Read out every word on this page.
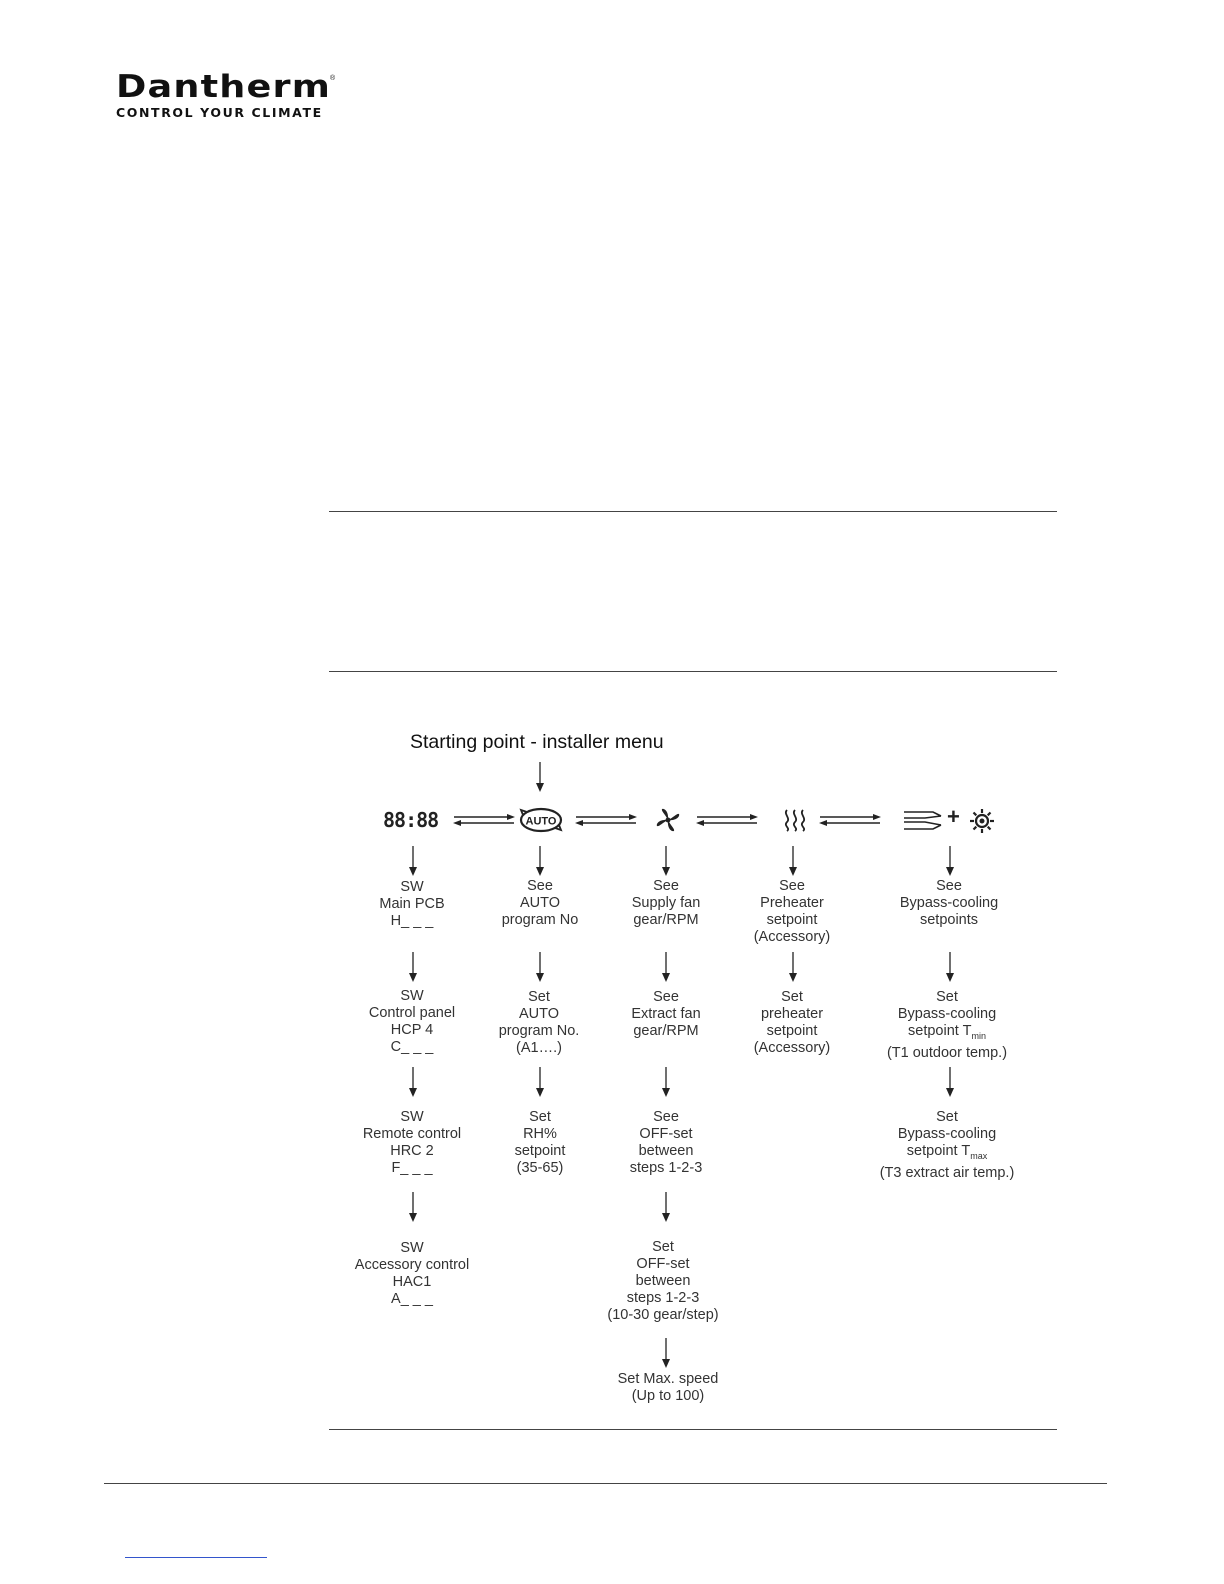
Dantherm
®
CONTROL YOUR CLIMATE
Starting point - installer menu
88:88	AUTO	+
SW
Main PCB
H_ _ _
SW
Control panel
HCP 4
C_ _ _
SW
Remote control
HRC 2
F_ _ _
SW
Accessory control
HAC1
A_ _ _
See
AUTO
program No
Set
AUTO
program No.
(A1….)
Set
RH%
setpoint
(35-65)
See
Supply fan
gear/RPM
See
Extract fan
gear/RPM
See
OFF-set
between
steps 1-2-3
Set
OFF-set
between
steps 1-2-3
(10-30 gear/step)
Set Max. speed
(Up to 100)
See
Preheater
setpoint
(Accessory)
Set
preheater
setpoint
(Accessory)
See
Bypass-cooling
setpoints
Set
Bypass-cooling
setpoint $T_{min}$
(T1 outdoor temp.)
Set
Bypass-cooling
setpoint $T_{max}$
(T3 extract air temp.)
